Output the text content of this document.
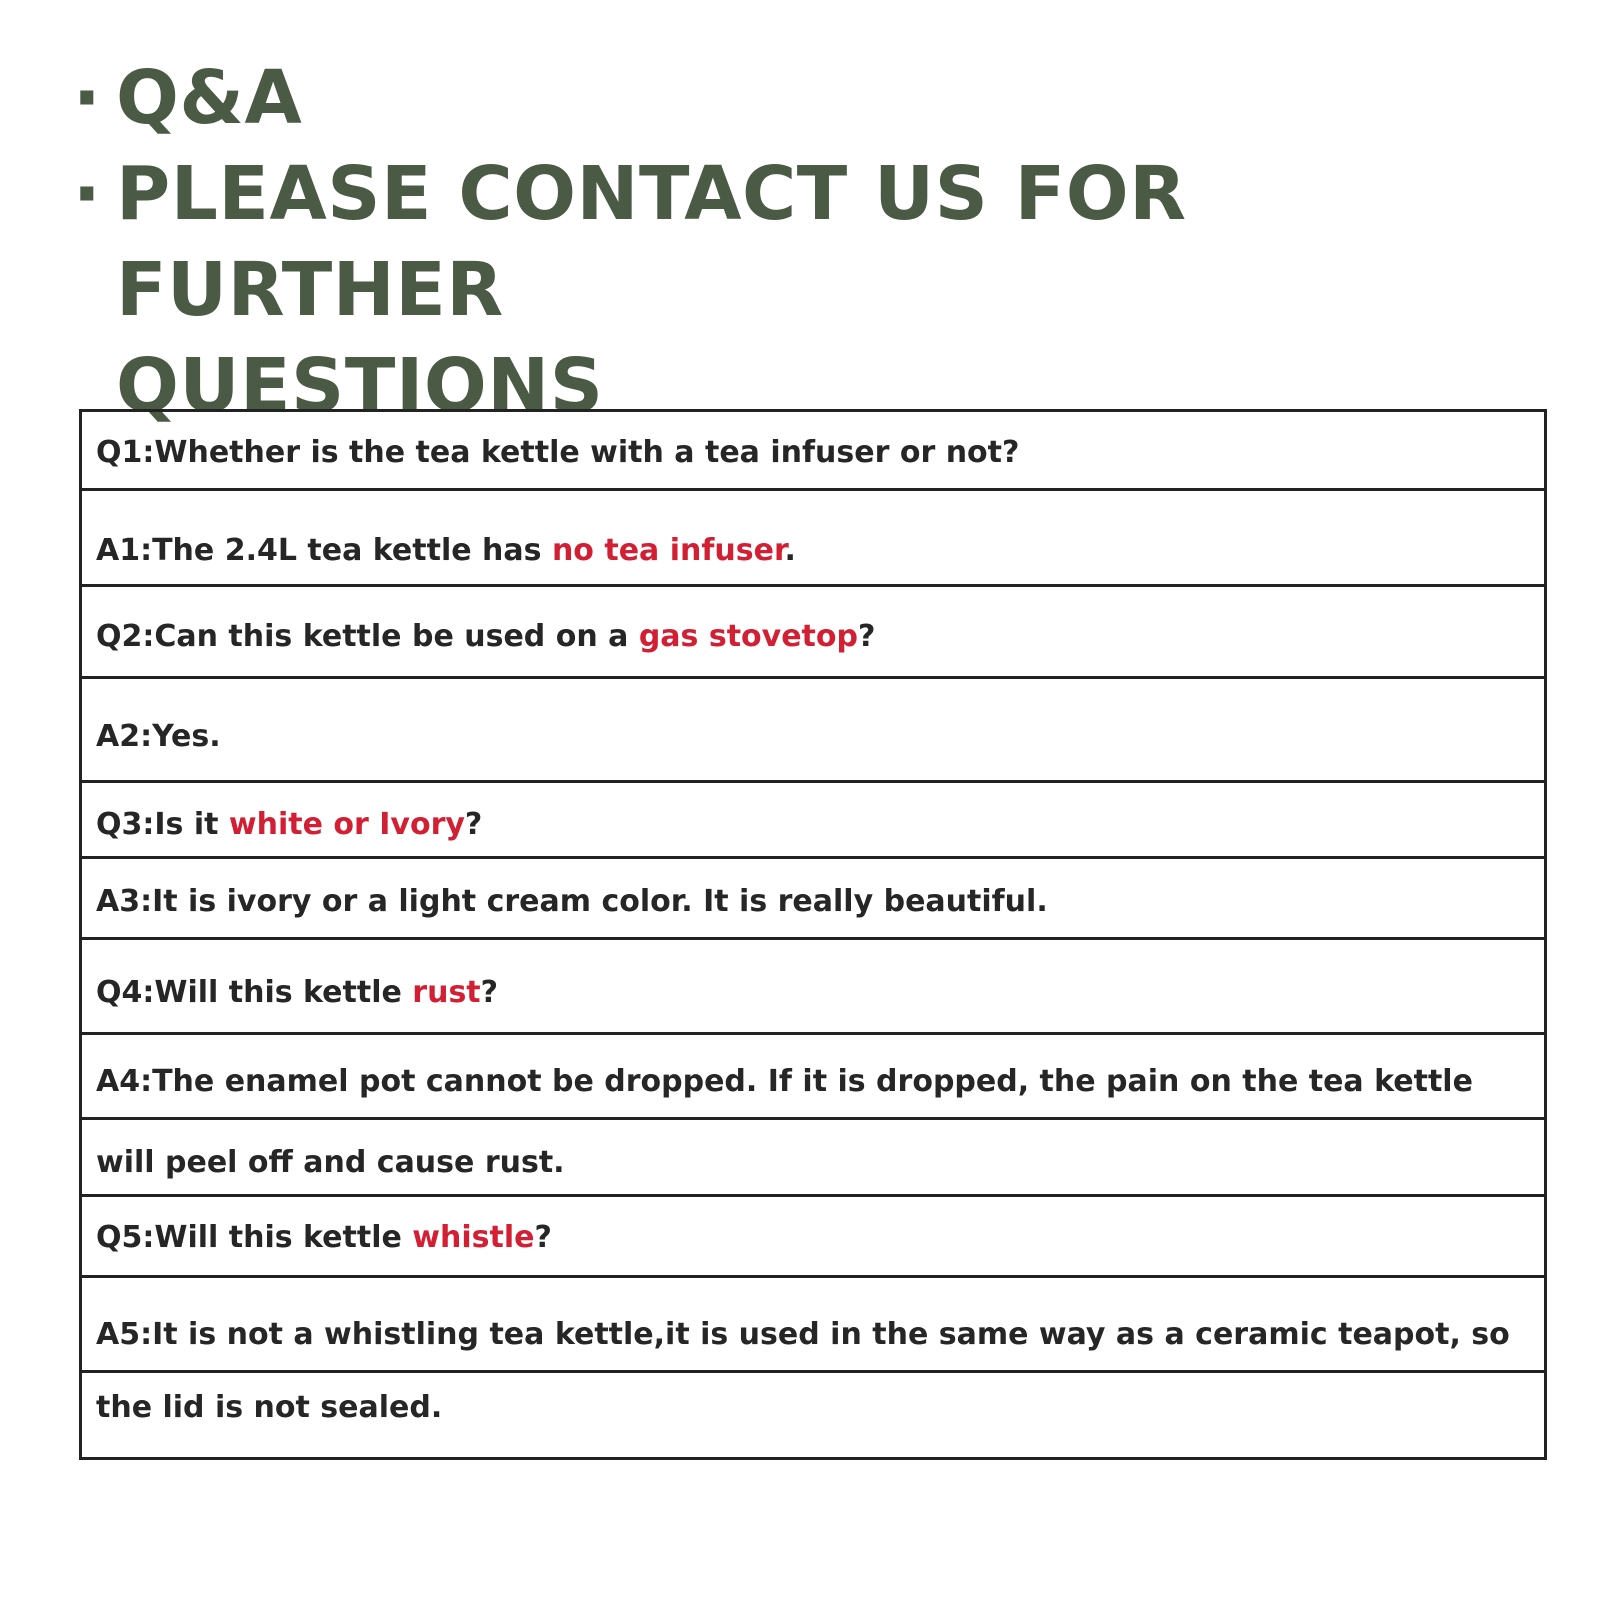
· Q&A
· PLEASE CONTACT US FOR FURTHER
QUESTIONS
Q1:Whether is the tea kettle with a tea infuser or not?
A1:The 2.4L tea kettle has no tea infuser.
Q2:Can this kettle be used on a gas stovetop?
A2:Yes.
Q3:Is it white or Ivory?
A3:It is ivory or a light cream color. It is really beautiful.
Q4:Will this kettle rust?
A4:The enamel pot cannot be dropped. If it is dropped, the pain on the tea kettle
will peel off and cause rust.
Q5:Will this kettle whistle?
A5:It is not a whistling tea kettle,it is used in the same way as a ceramic teapot, so
the lid is not sealed.
